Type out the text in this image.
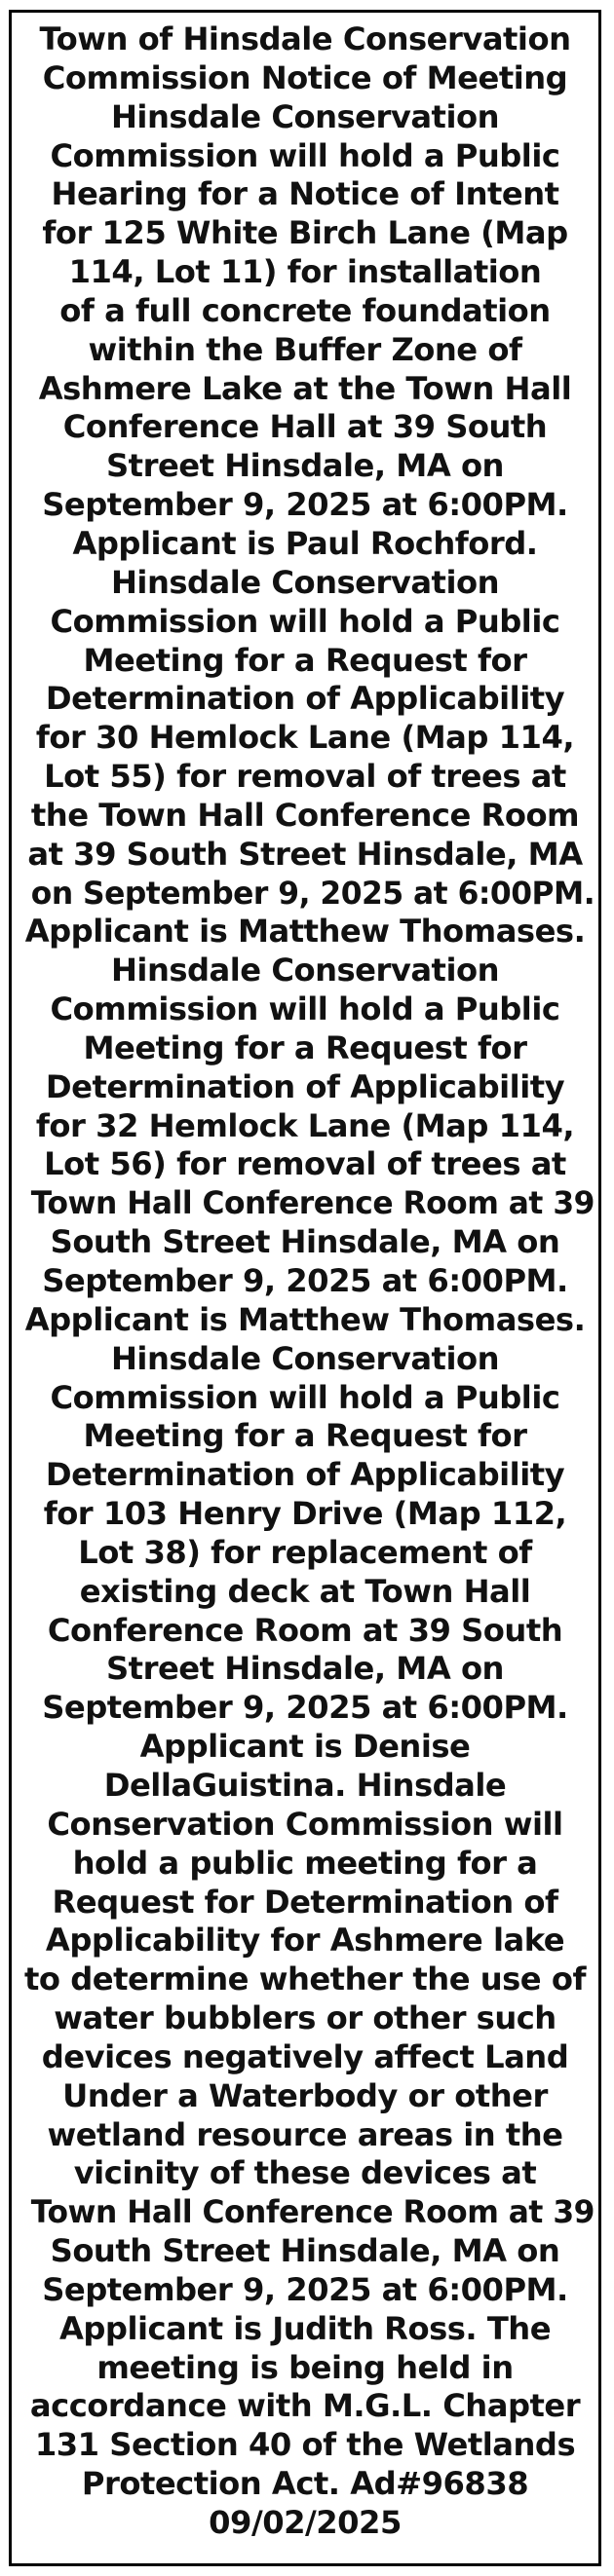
Town of Hinsdale Conservation
Commission Notice of Meeting
Hinsdale Conservation
Commission will hold a Public
Hearing for a Notice of Intent
for 125 White Birch Lane (Map
114, Lot 11) for installation
of a full concrete foundation
within the Buffer Zone of
Ashmere Lake at the Town Hall
Conference Hall at 39 South
Street Hinsdale, MA on
September 9, 2025 at 6:00PM.
Applicant is Paul Rochford.
Hinsdale Conservation
Commission will hold a Public
Meeting for a Request for
Determination of Applicability
for 30 Hemlock Lane (Map 114,
Lot 55) for removal of trees at
the Town Hall Conference Room
at 39 South Street Hinsdale, MA
on September 9, 2025 at 6:00PM.
Applicant is Matthew Thomases.
Hinsdale Conservation
Commission will hold a Public
Meeting for a Request for
Determination of Applicability
for 32 Hemlock Lane (Map 114,
Lot 56) for removal of trees at
Town Hall Conference Room at 39
South Street Hinsdale, MA on
September 9, 2025 at 6:00PM.
Applicant is Matthew Thomases.
Hinsdale Conservation
Commission will hold a Public
Meeting for a Request for
Determination of Applicability
for 103 Henry Drive (Map 112,
Lot 38) for replacement of
existing deck at Town Hall
Conference Room at 39 South
Street Hinsdale, MA on
September 9, 2025 at 6:00PM.
Applicant is Denise
DellaGuistina. Hinsdale
Conservation Commission will
hold a public meeting for a
Request for Determination of
Applicability for Ashmere lake
to determine whether the use of
water bubblers or other such
devices negatively affect Land
Under a Waterbody or other
wetland resource areas in the
vicinity of these devices at
Town Hall Conference Room at 39
South Street Hinsdale, MA on
September 9, 2025 at 6:00PM.
Applicant is Judith Ross. The
meeting is being held in
accordance with M.G.L. Chapter
131 Section 40 of the Wetlands
Protection Act. Ad#96838
09/02/2025
